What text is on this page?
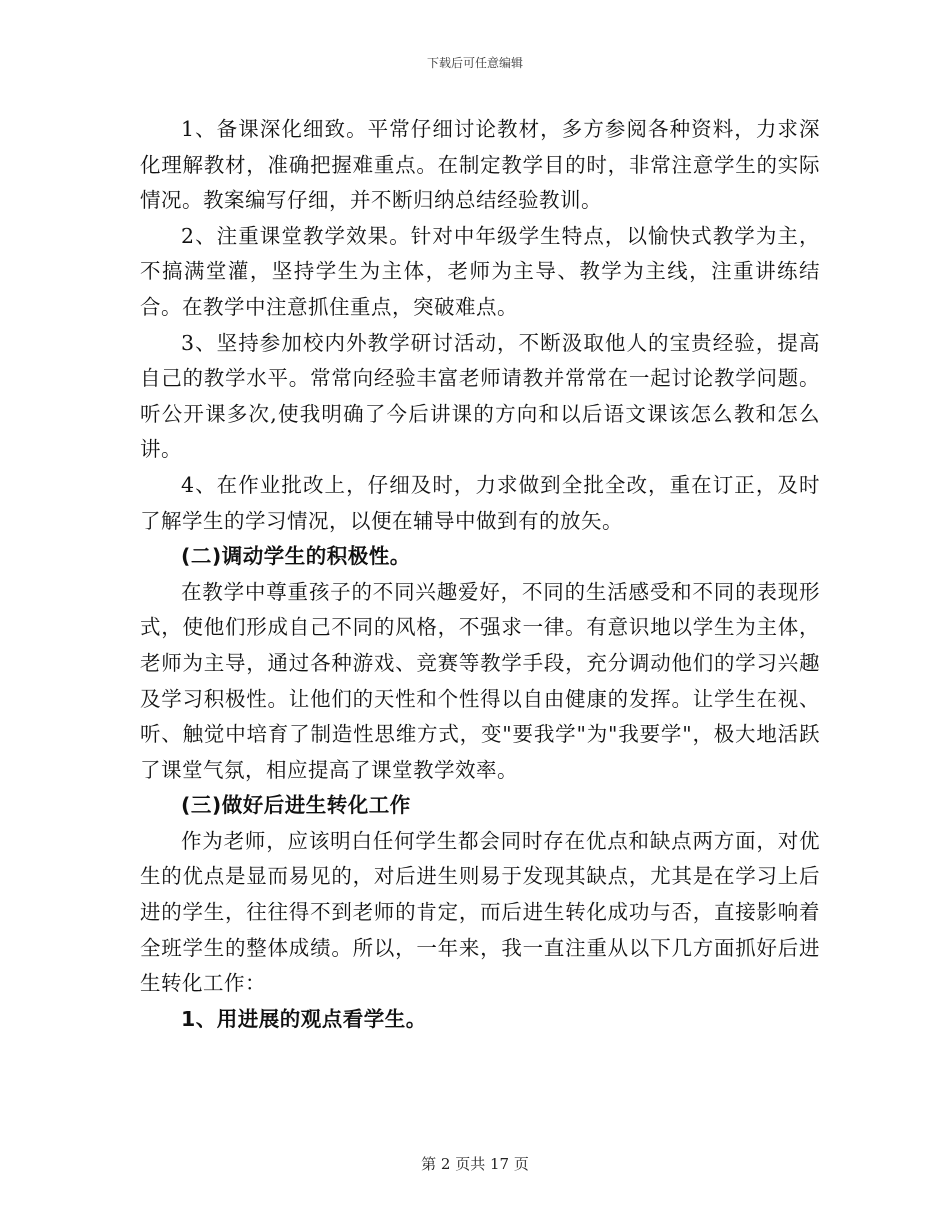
下载后可任意编辑

1、备课深化细致。平常仔细讨论教材，多方参阅各种资料，力求深化理解教材，准确把握难重点。在制定教学目的时，非常注意学生的实际情况。教案编写仔细，并不断归纳总结经验教训。

2、注重课堂教学效果。针对中年级学生特点，以愉快式教学为主，不搞满堂灌，坚持学生为主体，老师为主导、教学为主线，注重讲练结合。在教学中注意抓住重点，突破难点。

3、坚持参加校内外教学研讨活动，不断汲取他人的宝贵经验，提高自己的教学水平。常常向经验丰富老师请教并常常在一起讨论教学问题。听公开课多次,使我明确了今后讲课的方向和以后语文课该怎么教和怎么讲。

4、在作业批改上，仔细及时，力求做到全批全改，重在订正，及时了解学生的学习情况，以便在辅导中做到有的放矢。

(二)调动学生的积极性。

在教学中尊重孩子的不同兴趣爱好，不同的生活感受和不同的表现形式，使他们形成自己不同的风格，不强求一律。有意识地以学生为主体，老师为主导，通过各种游戏、竞赛等教学手段，充分调动他们的学习兴趣及学习积极性。让他们的天性和个性得以自由健康的发挥。让学生在视、听、触觉中培育了制造性思维方式，变"要我学"为"我要学"，极大地活跃了课堂气氛，相应提高了课堂教学效率。

(三)做好后进生转化工作

作为老师，应该明白任何学生都会同时存在优点和缺点两方面，对优生的优点是显而易见的，对后进生则易于发现其缺点，尤其是在学习上后进的学生，往往得不到老师的肯定，而后进生转化成功与否，直接影响着全班学生的整体成绩。所以，一年来，我一直注重从以下几方面抓好后进生转化工作：

1、用进展的观点看学生。

第 2 页共 17 页
